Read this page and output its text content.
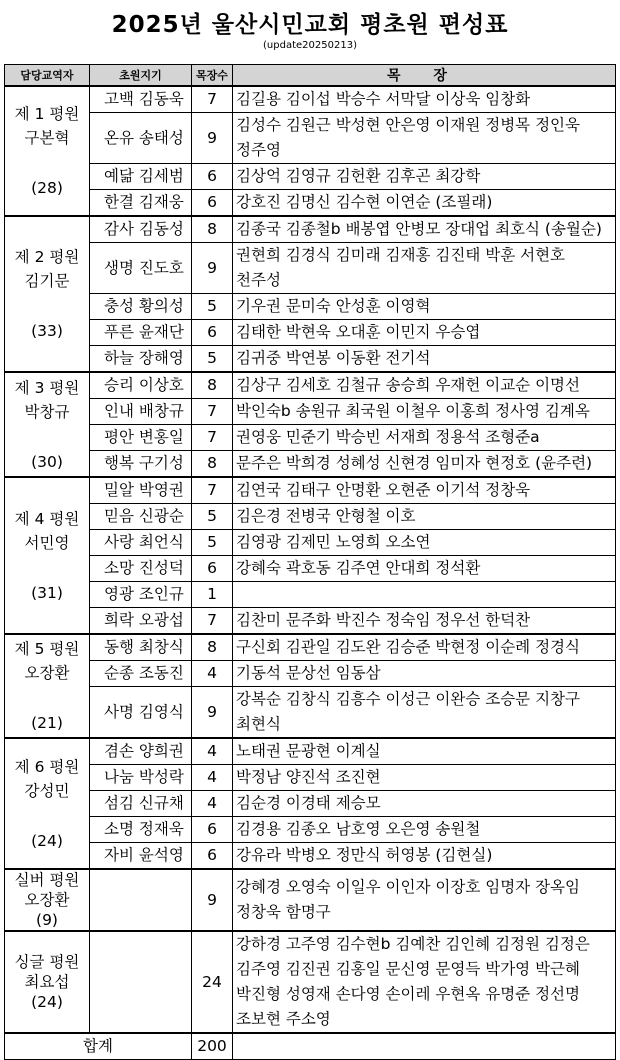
2025년 울산시민교회 평초원 편성표
(update20250213)
담당교역자	초원지기	목장수	목 장
제 1 평원
구본혁
(28)	고백 김동욱	7	김길용 김이섭 박승수 서막달 이상욱 임창화
	온유 송태성	9	김성수 김원근 박성현 안은영 이재원 정병목 정인욱 정주영
	예닮 김세범	6	김상억 김영규 김헌환 김후곤 최강학
	한결 김재웅	6	강호진 김명신 김수현 이연순 (조필래)
제 2 평원
김기문
(33)	감사 김동성	8	김종국 김종철b 배봉엽 안병모 장대업 최호식 (송월순)
	생명 진도호	9	권현희 김경식 김미래 김재홍 김진태 박훈 서현호 천주성
	충성 황의성	5	기우권 문미숙 안성훈 이영혁
	푸른 윤재단	6	김태한 박현욱 오대훈 이민지 우승엽
	하늘 장해영	5	김귀중 박연봉 이동환 전기석
제 3 평원
박창규
(30)	승리 이상호	8	김상구 김세호 김철규 송승희 우재헌 이교순 이명선
	인내 배창규	7	박인숙b 송원규 최국원 이철우 이홍희 정사영 김계옥
	평안 변홍일	7	권영웅 민준기 박승빈 서재희 정용석 조형준a
	행복 구기성	8	문주은 박희경 성혜성 신현경 임미자 현정호 (윤주련)
제 4 평원
서민영
(31)	밀알 박영권	7	김연국 김태구 안명환 오현준 이기석 정창욱
	믿음 신광순	5	김은경 전병국 안형철 이호
	사랑 최언식	5	김영광 김제민 노영희 오소연
	소망 진성덕	6	강혜숙 곽호동 김주연 안대희 정석환
	영광 조인규	1	
	희락 오광섭	7	김찬미 문주화 박진수 정숙임 정우선 한덕찬
제 5 평원
오장환
(21)	동행 최창식	8	구신회 김관일 김도완 김승준 박현정 이순례 정경식
	순종 조동진	4	기동석 문상선 임동삼
	사명 김영식	9	강복순 김창식 김흥수 이성근 이완승 조승문 지창구 최현식
제 6 평원
강성민
(24)	겸손 양희권	4	노태권 문광현 이계실
	나눔 박성락	4	박정남 양진석 조진현
	섬김 신규채	4	김순경 이경태 제승모
	소명 정재욱	6	김경용 김종오 남호영 오은영 송원철
	자비 윤석영	6	강유라 박병오 정만식 허영봉 (김현실)
실버 평원
오장환
(9)		9	강혜경 오영숙 이일우 이인자 이장호 임명자 장옥임 정창욱 함명구
싱글 평원
최요섭
(24)		24	강하경 고주영 김수현b 김예찬 김인혜 김정원 김정은 김주영 김진권 김홍일 문신영 문영득 박가영 박근혜 박진형 성영재 손다영 손이레 우현옥 유명준 정선명 조보현 주소영
합계		200	
